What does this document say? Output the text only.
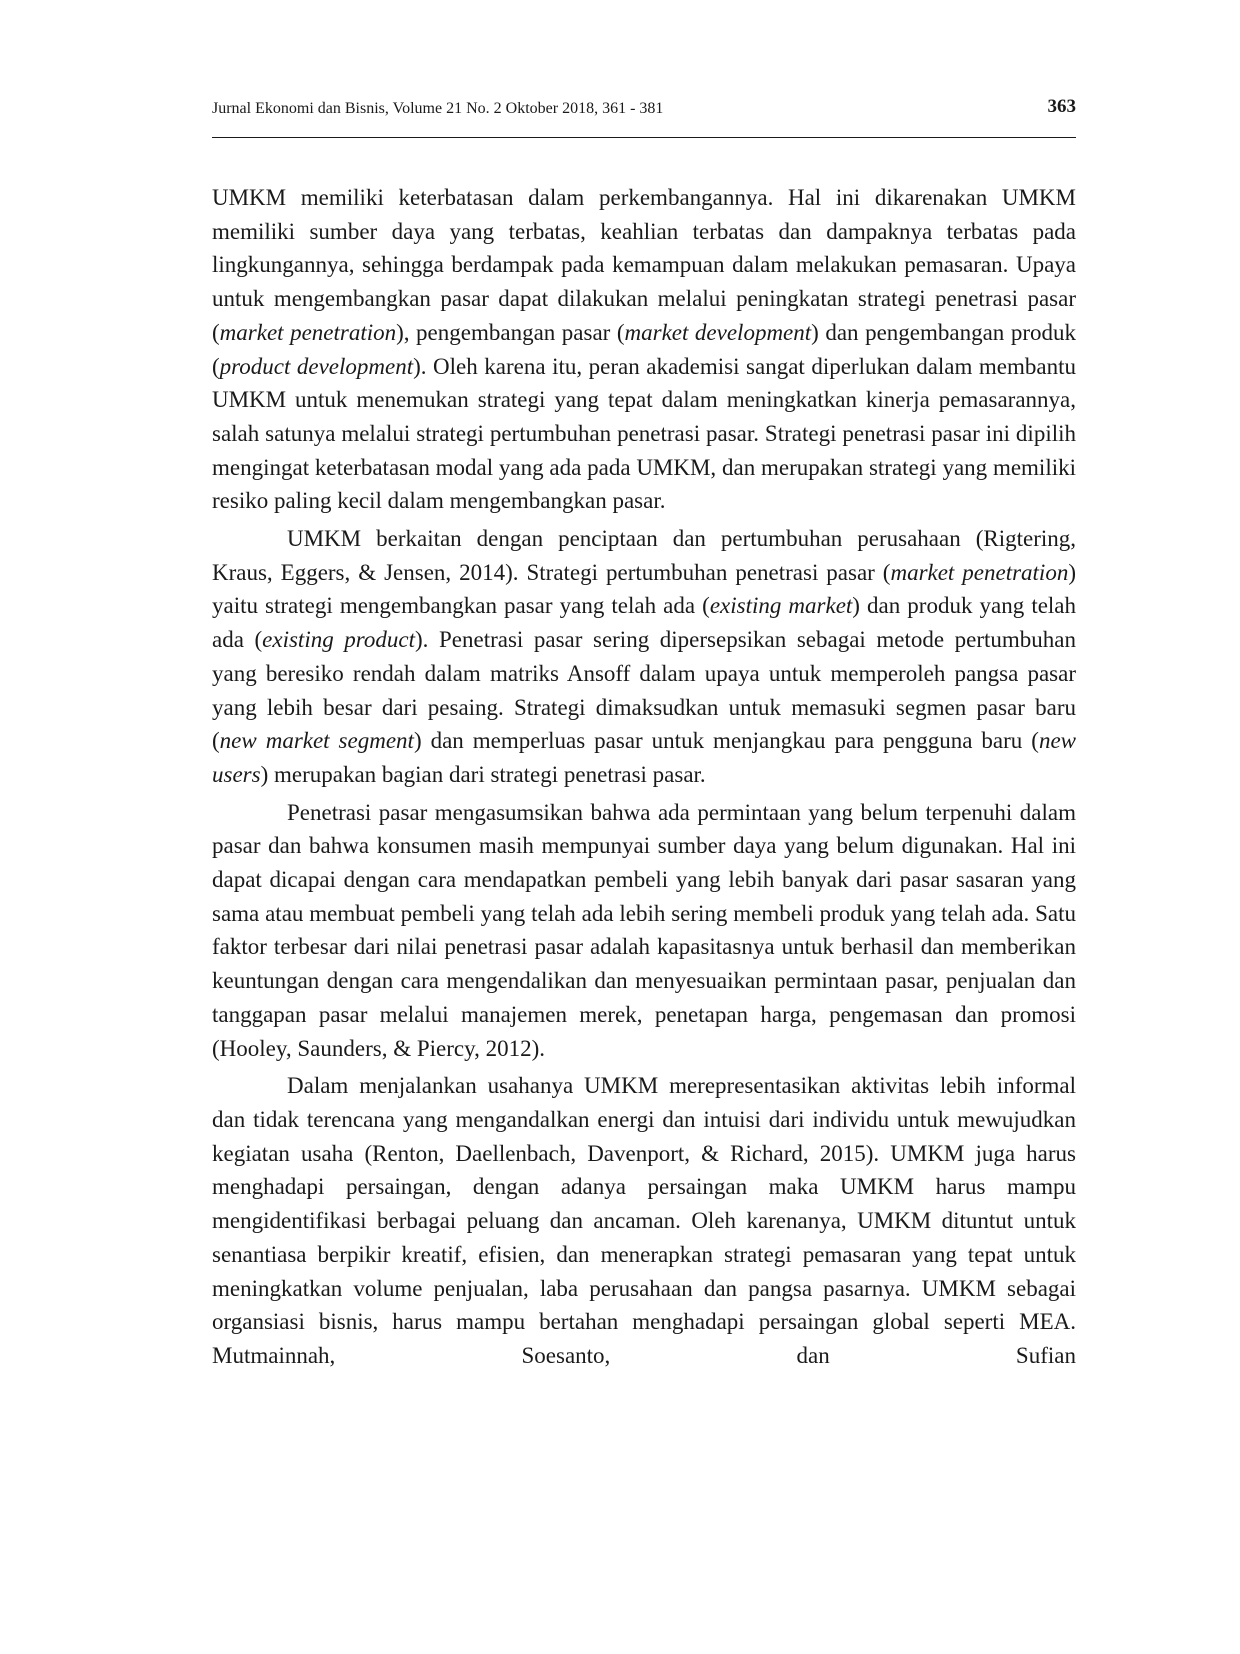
Jurnal Ekonomi dan Bisnis, Volume 21 No. 2 Oktober 2018, 361 - 381	363

UMKM memiliki keterbatasan dalam perkembangannya. Hal ini dikarenakan UMKM memiliki sumber daya yang terbatas, keahlian terbatas dan dampaknya terbatas pada lingkungannya, sehingga berdampak pada kemampuan dalam melakukan pemasaran. Upaya untuk mengembangkan pasar dapat dilakukan melalui peningkatan strategi penetrasi pasar (market penetration), pengembangan pasar (market development) dan pengembangan produk (product development). Oleh karena itu, peran akademisi sangat diperlukan dalam membantu UMKM untuk menemukan strategi yang tepat dalam meningkatkan kinerja pemasarannya, salah satunya melalui strategi pertumbuhan penetrasi pasar. Strategi penetrasi pasar ini dipilih mengingat keterbatasan modal yang ada pada UMKM, dan merupakan strategi yang memiliki resiko paling kecil dalam mengembangkan pasar.

UMKM berkaitan dengan penciptaan dan pertumbuhan perusahaan (Rigtering, Kraus, Eggers, & Jensen, 2014). Strategi pertumbuhan penetrasi pasar (market penetration) yaitu strategi mengembangkan pasar yang telah ada (existing market) dan produk yang telah ada (existing product). Penetrasi pasar sering dipersepsikan sebagai metode pertumbuhan yang beresiko rendah dalam matriks Ansoff dalam upaya untuk memperoleh pangsa pasar yang lebih besar dari pesaing. Strategi dimaksudkan untuk memasuki segmen pasar baru (new market segment) dan memperluas pasar untuk menjangkau para pengguna baru (new users) merupakan bagian dari strategi penetrasi pasar.

Penetrasi pasar mengasumsikan bahwa ada permintaan yang belum terpenuhi dalam pasar dan bahwa konsumen masih mempunyai sumber daya yang belum digunakan. Hal ini dapat dicapai dengan cara mendapatkan pembeli yang lebih banyak dari pasar sasaran yang sama atau membuat pembeli yang telah ada lebih sering membeli produk yang telah ada. Satu faktor terbesar dari nilai penetrasi pasar adalah kapasitasnya untuk berhasil dan memberikan keuntungan dengan cara mengendalikan dan menyesuaikan permintaan pasar, penjualan dan tanggapan pasar melalui manajemen merek, penetapan harga, pengemasan dan promosi (Hooley, Saunders, & Piercy, 2012).

Dalam menjalankan usahanya UMKM merepresentasikan aktivitas lebih informal dan tidak terencana yang mengandalkan energi dan intuisi dari individu untuk mewujudkan kegiatan usaha (Renton, Daellenbach, Davenport, & Richard, 2015). UMKM juga harus menghadapi persaingan, dengan adanya persaingan maka UMKM harus mampu mengidentifikasi berbagai peluang dan ancaman. Oleh karenanya, UMKM dituntut untuk senantiasa berpikir kreatif, efisien, dan menerapkan strategi pemasaran yang tepat untuk meningkatkan volume penjualan, laba perusahaan dan pangsa pasarnya. UMKM sebagai organsiasi bisnis, harus mampu bertahan menghadapi persaingan global seperti MEA. Mutmainnah, Soesanto, dan Sufian
